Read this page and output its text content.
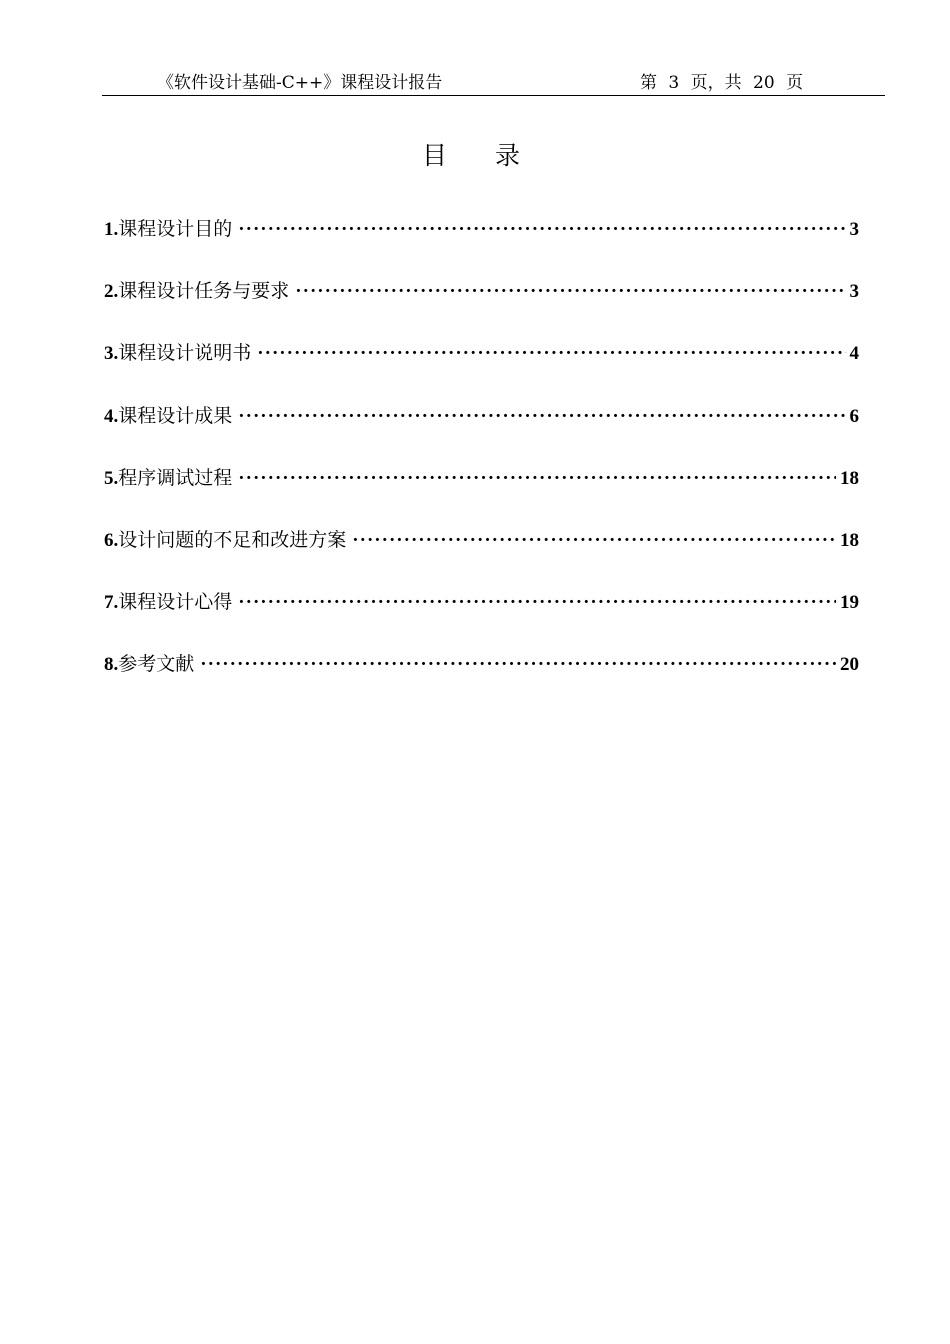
《软件设计基础-C++》课程设计报告	第 3 页，共 20 页
目录
1. 课程设计目的 ·····	3
2. 课程设计任务与要求 ·····	3
3. 课程设计说明书 ·····	4
4. 课程设计成果 ·····	6
5. 程序调试过程 ·····	18
6. 设计问题的不足和改进方案 ·····	18
7. 课程设计心得 ·····	19
8. 参考文献 ·····	20
